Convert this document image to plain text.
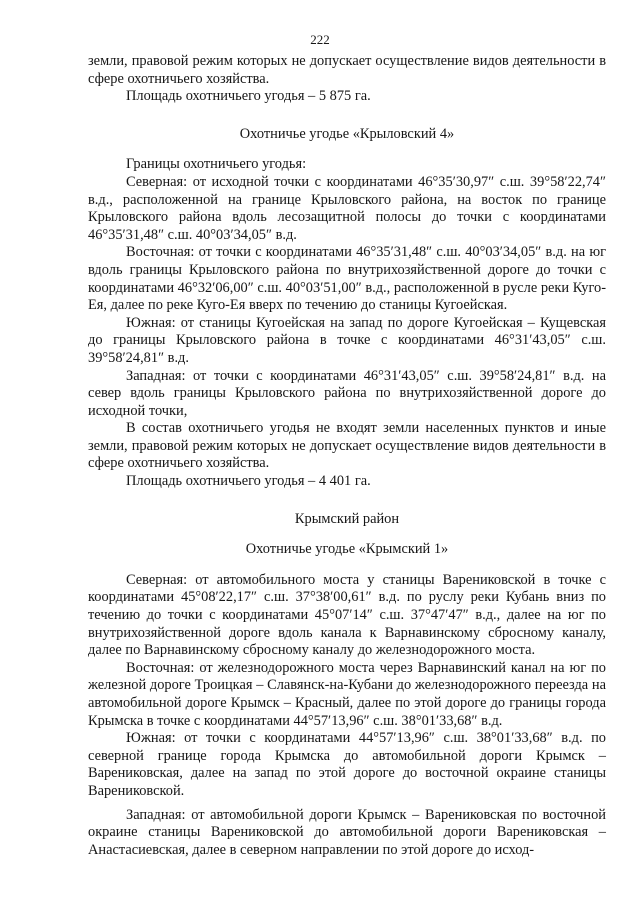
222

земли, правовой режим которых не допускает осуществление видов деятельности в сфере охотничьего хозяйства.

Площадь охотничьего угодья – 5 875 га.

Охотничье угодье «Крыловский 4»

Границы охотничьего угодья:

Северная: от исходной точки с координатами 46°35′30,97″ с.ш. 39°58′22,74″ в.д., расположенной на границе Крыловского района, на восток по границе Крыловского района вдоль лесозащитной полосы до точки с координатами 46°35′31,48″ с.ш. 40°03′34,05″ в.д.

Восточная: от точки с координатами 46°35′31,48″ с.ш. 40°03′34,05″ в.д. на юг вдоль границы Крыловского района по внутрихозяйственной дороге до точки с координатами 46°32′06,00″ с.ш. 40°03′51,00″ в.д., расположенной в русле реки Куго-Ея, далее по реке Куго-Ея вверх по течению до станицы Кугоейская.

Южная: от станицы Кугоейская на запад по дороге Кугоейская – Кущевская до границы Крыловского района в точке с координатами 46°31′43,05″ с.ш. 39°58′24,81″ в.д.

Западная: от точки с координатами 46°31′43,05″ с.ш. 39°58′24,81″ в.д. на север вдоль границы Крыловского района по внутрихозяйственной дороге до исходной точки,

В состав охотничьего угодья не входят земли населенных пунктов и иные земли, правовой режим которых не допускает осуществление видов деятельности в сфере охотничьего хозяйства.

Площадь охотничьего угодья – 4 401 га.

Крымский район

Охотничье угодье «Крымский 1»

Северная: от автомобильного моста у станицы Варениковской в точке с координатами 45°08′22,17″ с.ш. 37°38′00,61″ в.д. по руслу реки Кубань вниз по течению до точки с координатами 45°07′14″ с.ш. 37°47′47″ в.д., далее на юг по внутрихозяйственной дороге вдоль канала к Варнавинскому сбросному каналу, далее по Варнавинскому сбросному каналу до железнодорожного моста.

Восточная: от железнодорожного моста через Варнавинский канал на юг по железной дороге Троицкая – Славянск-на-Кубани до железнодорожного переезда на автомобильной дороге Крымск – Красный, далее по этой дороге до границы города Крымска в точке с координатами 44°57′13,96″ с.ш. 38°01′33,68″ в.д.

Южная: от точки с координатами 44°57′13,96″ с.ш. 38°01′33,68″ в.д. по северной границе города Крымска до автомобильной дороги Крымск – Варениковская, далее на запад по этой дороге до восточной окраине станицы Варениковской.

Западная: от автомобильной дороги Крымск – Варениковская по восточной окраине станицы Варениковской до автомобильной дороги Варениковская – Анастасиевская, далее в северном направлении по этой дороге до исход-
